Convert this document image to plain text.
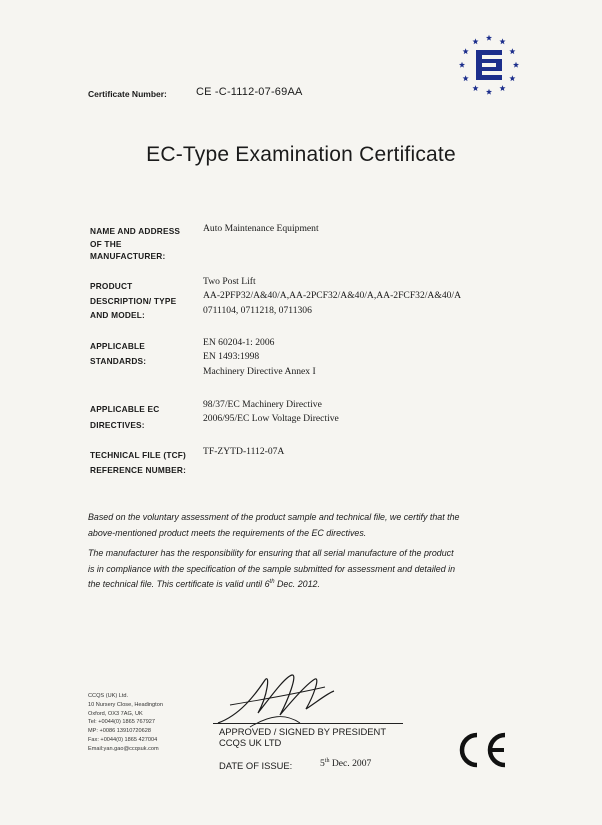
Certificate Number:	CE -C-1112-07-69AA
EC-Type Examination Certificate
NAME AND ADDRESS
OF THE
MANUFACTURER:
Auto Maintenance Equipment
PRODUCT
DESCRIPTION/ TYPE
AND MODEL:
Two Post Lift
AA-2PFP32/A&40/A,AA-2PCF32/A&40/A,AA-2FCF32/A&40/A
0711104, 0711218, 0711306
APPLICABLE
STANDARDS:
EN 60204-1: 2006
EN 1493:1998
Machinery Directive Annex I
APPLICABLE EC
DIRECTIVES:
98/37/EC Machinery Directive
2006/95/EC Low Voltage Directive
TECHNICAL FILE (TCF)
REFERENCE NUMBER:
TF-ZYTD-1112-07A
Based on the voluntary assessment of the product sample and technical file, we certify that the
above-mentioned product meets the requirements of the EC directives.
The manufacturer has the responsibility for ensuring that all serial manufacture of the product
is in compliance with the specification of the sample submitted for assessment and detailed in
the technical file. This certificate is valid until 6th Dec. 2012.
CCQS (UK) Ltd.
10 Nursery Close, Headington
Oxford, OX3 7AG, UK
Tel: +0044(0) 1865 767927
MP: +0086 13910720628
Fax: +0044(0) 1865 427004
Email:yan.gao@ccqsuk.com
APPROVED / SIGNED BY PRESIDENT
CCQS UK LTD
DATE OF ISSUE:	5th Dec. 2007
